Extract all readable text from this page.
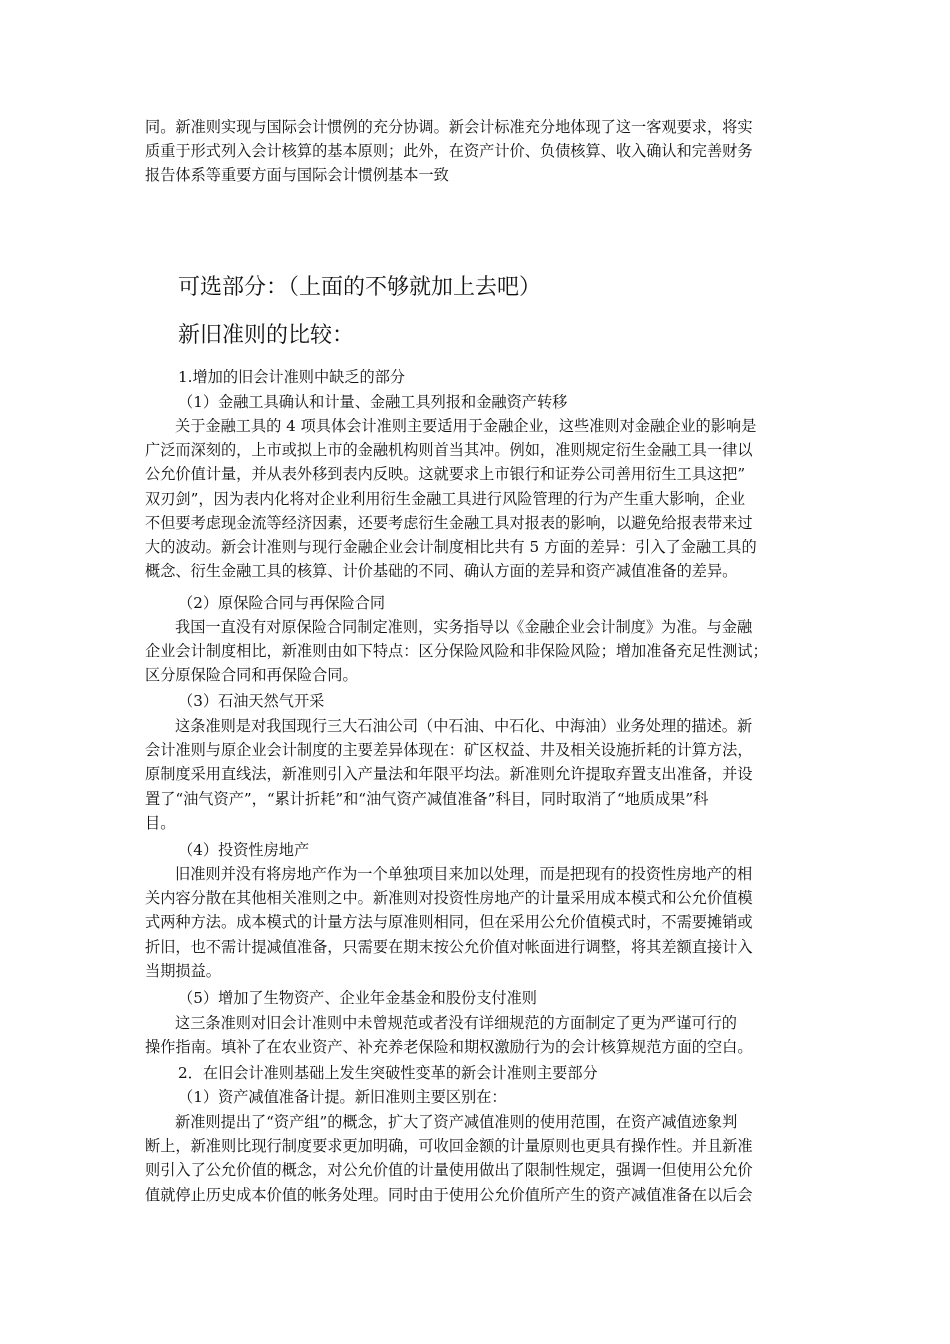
同。新准则实现与国际会计惯例的充分协调。新会计标准充分地体现了这一客观要求，将实
质重于形式列入会计核算的基本原则；此外，在资产计价、负债核算、收入确认和完善财务
报告体系等重要方面与国际会计惯例基本一致
可选部分：（上面的不够就加上去吧）
新旧准则的比较：

1.增加的旧会计准则中缺乏的部分

（1）金融工具确认和计量、金融工具列报和金融资产转移

关于金融工具的 4 项具体会计准则主要适用于金融企业，这些准则对金融企业的影响是
广泛而深刻的，上市或拟上市的金融机构则首当其冲。例如，准则规定衍生金融工具一律以
公允价值计量，并从表外移到表内反映。这就要求上市银行和证券公司善用衍生工具这把”
双刃剑”，因为表内化将对企业利用衍生金融工具进行风险管理的行为产生重大影响，企业
不但要考虑现金流等经济因素，还要考虑衍生金融工具对报表的影响，以避免给报表带来过
大的波动。新会计准则与现行金融企业会计制度相比共有 5 方面的差异：引入了金融工具的
概念、衍生金融工具的核算、计价基础的不同、确认方面的差异和资产减值准备的差异。

（2）原保险合同与再保险合同

我国一直没有对原保险合同制定准则，实务指导以《金融企业会计制度》为准。与金融
企业会计制度相比，新准则由如下特点：区分保险风险和非保险风险；增加准备充足性测试；
区分原保险合同和再保险合同。

（3）石油天然气开采

这条准则是对我国现行三大石油公司（中石油、中石化、中海油）业务处理的描述。新
会计准则与原企业会计制度的主要差异体现在：矿区权益、井及相关设施折耗的计算方法，
原制度采用直线法，新准则引入产量法和年限平均法。新准则允许提取弃置支出准备，并设
置了“油气资产”，“累计折耗”和“油气资产减值准备”科目，同时取消了“地质成果”科
目。

（4）投资性房地产

旧准则并没有将房地产作为一个单独项目来加以处理，而是把现有的投资性房地产的相
关内容分散在其他相关准则之中。新准则对投资性房地产的计量采用成本模式和公允价值模
式两种方法。成本模式的计量方法与原准则相同，但在采用公允价值模式时，不需要摊销或
折旧，也不需计提减值准备，只需要在期末按公允价值对帐面进行调整，将其差额直接计入
当期损益。

（5）增加了生物资产、企业年金基金和股份支付准则

这三条准则对旧会计准则中未曾规范或者没有详细规范的方面制定了更为严谨可行的
操作指南。填补了在农业资产、补充养老保险和期权激励行为的会计核算规范方面的空白。

2．在旧会计准则基础上发生突破性变革的新会计准则主要部分

（1）资产减值准备计提。新旧准则主要区别在：

新准则提出了“资产组”的概念，扩大了资产减值准则的使用范围，在资产减值迹象判
断上，新准则比现行制度要求更加明确，可收回金额的计量原则也更具有操作性。并且新准
则引入了公允价值的概念，对公允价值的计量使用做出了限制性规定，强调一但使用公允价
值就停止历史成本价值的帐务处理。同时由于使用公允价值所产生的资产减值准备在以后会
